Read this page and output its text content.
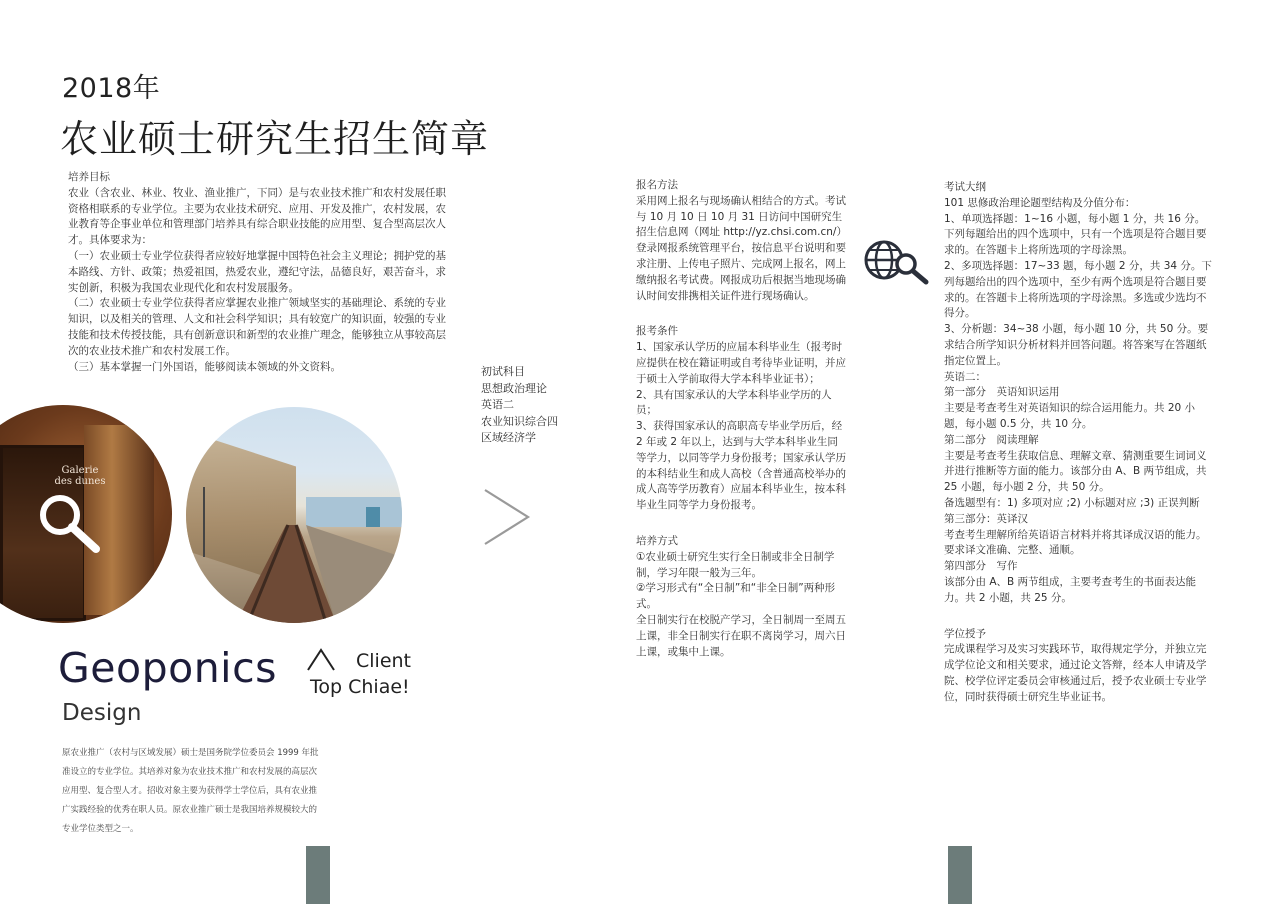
2018年
农业硕士研究生招生简章

培养目标

农业（含农业、林业、牧业、渔业推广，下同）是与农业技术推广和农村发展任职资格相联系的专业学位。主要为农业技术研究、应用、开发及推广，农村发展，农业教育等企事业单位和管理部门培养具有综合职业技能的应用型、复合型高层次人才。具体要求为：

（一）农业硕士专业学位获得者应较好地掌握中国特色社会主义理论；拥护党的基本路线、方针、政策；热爱祖国，热爱农业，遵纪守法，品德良好，艰苦奋斗，求实创新，积极为我国农业现代化和农村发展服务。

（二）农业硕士专业学位获得者应掌握农业推广领域坚实的基础理论、系统的专业知识，以及相关的管理、人文和社会科学知识；具有较宽广的知识面，较强的专业技能和技术传授技能，具有创新意识和新型的农业推广理念，能够独立从事较高层次的农业技术推广和农村发展工作。

（三）基本掌握一门外国语，能够阅读本领域的外文资料。

Galerie
des dunes
Geoponics
Design
Client
Top Chiae!
原农业推广（农村与区域发展）硕士是国务院学位委员会 1999 年批准设立的专业学位。其培养对象为农业技术推广和农村发展的高层次应用型、复合型人才。招收对象主要为获得学士学位后，具有农业推广实践经验的优秀在职人员。原农业推广硕士是我国培养规模较大的专业学位类型之一。

初试科目

思想政治理论

英语二

农业知识综合四

区域经济学

报名方法

采用网上报名与现场确认相结合的方式。考试与 10 月 10 日 10 月 31 日访问中国研究生招生信息网（网址 http://yz.chsi.com.cn/）登录网报系统管理平台，按信息平台说明和要求注册、上传电子照片、完成网上报名，网上缴纳报名考试费。网报成功后根据当地现场确认时间安排携相关证件进行现场确认。

报考条件

1、国家承认学历的应届本科毕业生（报考时应提供在校在籍证明或自考待毕业证明，并应于硕士入学前取得大学本科毕业证书）；

2、具有国家承认的大学本科毕业学历的人员；

3、获得国家承认的高职高专毕业学历后，经 2 年或 2 年以上，达到与大学本科毕业生同等学力，以同等学力身份报考；国家承认学历的本科结业生和成人高校（含普通高校举办的成人高等学历教育）应届本科毕业生，按本科毕业生同等学力身份报考。

培养方式

①农业硕士研究生实行全日制或非全日制学制，学习年限一般为三年。

②学习形式有“全日制”和“非全日制”两种形式。

全日制实行在校脱产学习，全日制周一至周五上课，非全日制实行在职不离岗学习，周六日上课，或集中上课。

考试大纲

101 思修政治理论题型结构及分值分布：

1、单项选择题：1~16 小题，每小题 1 分，共 16 分。下列每题给出的四个选项中，只有一个选项是符合题目要求的。在答题卡上将所选项的字母涂黑。

2、多项选择题：17~33 题，每小题 2 分，共 34 分。下列每题给出的四个选项中，至少有两个选项是符合题目要求的。在答题卡上将所选项的字母涂黑。多选或少选均不得分。

3、分析题：34~38 小题，每小题 10 分，共 50 分。要求结合所学知识分析材料并回答问题。将答案写在答题纸指定位置上。

英语二：

第一部分　英语知识运用

主要是考查考生对英语知识的综合运用能力。共 20 小题，每小题 0.5 分，共 10 分。

第二部分　阅读理解

主要是考查考生获取信息、理解文章、猜测重要生词词义并进行推断等方面的能力。该部分由 A、B 两节组成，共 25 小题，每小题 2 分，共 50 分。

备选题型有：1) 多项对应 ;2) 小标题对应 ;3) 正误判断

第三部分：英译汉

考查考生理解所给英语语言材料并将其译成汉语的能力。要求译文准确、完整、通顺。

第四部分　写作

该部分由 A、B 两节组成，主要考查考生的书面表达能力。共 2 小题，共 25 分。

学位授予

完成课程学习及实习实践环节，取得规定学分，并独立完成学位论文和相关要求，通过论文答辩，经本人申请及学院、校学位评定委员会审核通过后，授予农业硕士专业学位，同时获得硕士研究生毕业证书。
